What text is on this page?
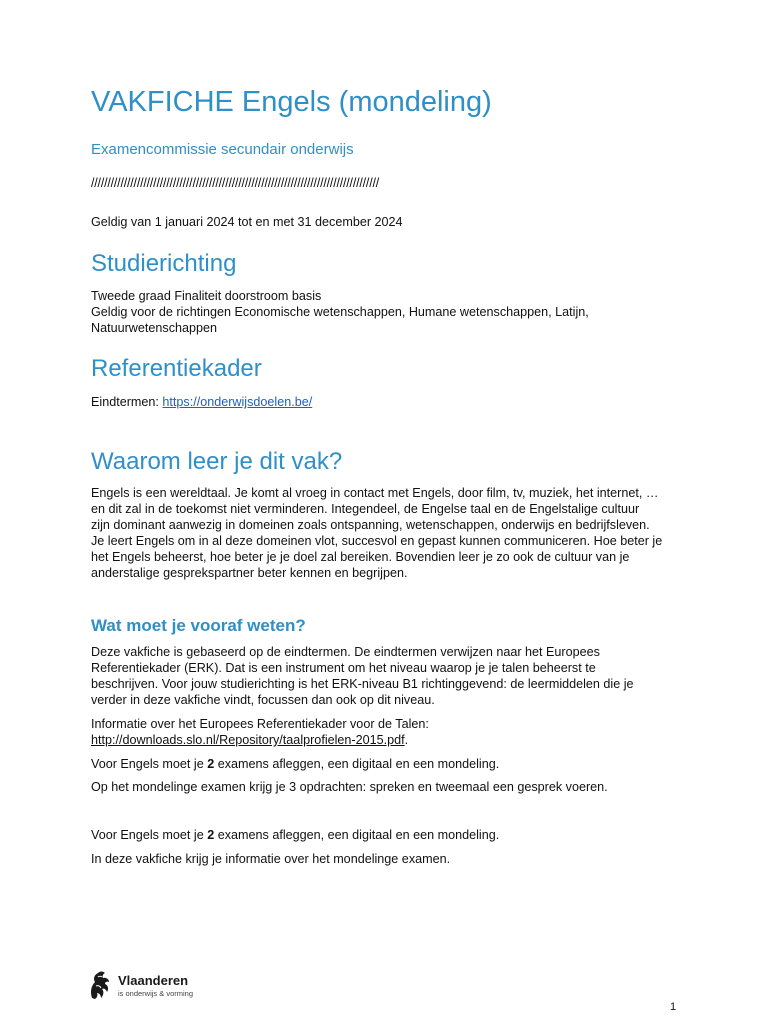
VAKFICHE Engels (mondeling)

Examencommissie secundair onderwijs

////////////////////////////////////////////////////////////////////////////////////////

Geldig van 1 januari 2024 tot en met 31 december 2024

Studierichting

Tweede graad Finaliteit doorstroom basis

Geldig voor de richtingen Economische wetenschappen, Humane wetenschappen, Latijn,

Natuurwetenschappen

Referentiekader

Eindtermen: https://onderwijsdoelen.be/

Waarom leer je dit vak?

Engels is een wereldtaal. Je komt al vroeg in contact met Engels, door film, tv, muziek, het internet, …

en dit zal in de toekomst niet verminderen. Integendeel, de Engelse taal en de Engelstalige cultuur

zijn dominant aanwezig in domeinen zoals ontspanning, wetenschappen, onderwijs en bedrijfsleven.

Je leert Engels om in al deze domeinen vlot, succesvol en gepast kunnen communiceren. Hoe beter je

het Engels beheerst, hoe beter je je doel zal bereiken. Bovendien leer je zo ook de cultuur van je

anderstalige gesprekspartner beter kennen en begrijpen.

Wat moet je vooraf weten?

Deze vakfiche is gebaseerd op de eindtermen. De eindtermen verwijzen naar het Europees

Referentiekader (ERK). Dat is een instrument om het niveau waarop je je talen beheerst te

beschrijven. Voor jouw studierichting is het ERK-niveau B1 richtinggevend: de leermiddelen die je

verder in deze vakfiche vindt, focussen dan ook op dit niveau.

Informatie over het Europees Referentiekader voor de Talen:

http://downloads.slo.nl/Repository/taalprofielen-2015.pdf.

Voor Engels moet je 2 examens afleggen, een digitaal en een mondeling.

Op het mondelinge examen krijg je 3 opdrachten: spreken en tweemaal een gesprek voeren.

Voor Engels moet je 2 examens afleggen, een digitaal en een mondeling.

In deze vakfiche krijg je informatie over het mondelinge examen.

Vlaanderen
is onderwijs & vorming
1
